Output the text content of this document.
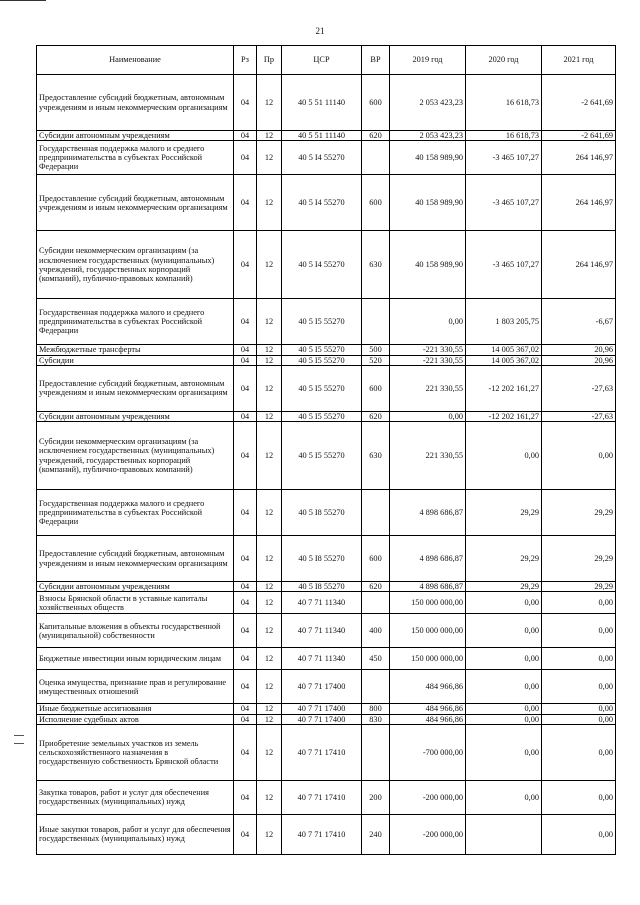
21
Наименование	Рз	Пр	ЦСР	ВР	2019 год	2020 год	2021 год
Предоставление субсидий бюджетным, автономным учреждениям и иным некоммерческим организациям	04	12	40 5 51 11140	600	2 053 423,23	16 618,73	-2 641,69
Субсидии автономным учреждениям	04	12	40 5 51 11140	620	2 053 423,23	16 618,73	-2 641,69
Государственная поддержка малого и среднего предпринимательства в субъектах Российской Федерации	04	12	40 5 I4 55270		40 158 989,90	-3 465 107,27	264 146,97
Предоставление субсидий бюджетным, автономным учреждениям и иным некоммерческим организациям	04	12	40 5 I4 55270	600	40 158 989,90	-3 465 107,27	264 146,97
Субсидии некоммерческим организациям (за исключением государственных (муниципальных) учреждений, государственных корпораций (компаний), публично-правовых компаний)	04	12	40 5 I4 55270	630	40 158 989,90	-3 465 107,27	264 146,97
Государственная поддержка малого и среднего предпринимательства в субъектах Российской Федерации	04	12	40 5 I5 55270		0,00	1 803 205,75	-6,67
Межбюджетные трансферты	04	12	40 5 I5 55270	500	-221 330,55	14 005 367,02	20,96
Субсидии	04	12	40 5 I5 55270	520	-221 330,55	14 005 367,02	20,96
Предоставление субсидий бюджетным, автономным учреждениям и иным некоммерческим организациям	04	12	40 5 I5 55270	600	221 330,55	-12 202 161,27	-27,63
Субсидии автономным учреждениям	04	12	40 5 I5 55270	620	0,00	-12 202 161,27	-27,63
Субсидии некоммерческим организациям (за исключением государственных (муниципальных) учреждений, государственных корпораций (компаний), публично-правовых компаний)	04	12	40 5 I5 55270	630	221 330,55	0,00	0,00
Государственная поддержка малого и среднего предпринимательства в субъектах Российской Федерации	04	12	40 5 I8 55270		4 898 686,87	29,29	29,29
Предоставление субсидий бюджетным, автономным учреждениям и иным некоммерческим организациям	04	12	40 5 I8 55270	600	4 898 686,87	29,29	29,29
Субсидии автономным учреждениям	04	12	40 5 I8 55270	620	4 898 686,87	29,29	29,29
Взносы Брянской области в уставные капиталы хозяйственных обществ	04	12	40 7 71 11340		150 000 000,00	0,00	0,00
Капитальные вложения в объекты государственной (муниципальной) собственности	04	12	40 7 71 11340	400	150 000 000,00	0,00	0,00
Бюджетные инвестиции иным юридическим лицам	04	12	40 7 71 11340	450	150 000 000,00	0,00	0,00
Оценка имущества, признание прав и регулирование имущественных отношений	04	12	40 7 71 17400		484 966,86	0,00	0,00
Иные бюджетные ассигнования	04	12	40 7 71 17400	800	484 966,86	0,00	0,00
Исполнение судебных актов	04	12	40 7 71 17400	830	484 966,86	0,00	0,00
Приобретение земельных участков из земель сельскохозяйственного назначения в государственную собственность Брянской области	04	12	40 7 71 17410		-700 000,00	0,00	0,00
Закупка товаров, работ и услуг для обеспечения государственных (муниципальных) нужд	04	12	40 7 71 17410	200	-200 000,00	0,00	0,00
Иные закупки товаров, работ и услуг для обеспечения государственных (муниципальных) нужд	04	12	40 7 71 17410	240	-200 000,00		0,00
